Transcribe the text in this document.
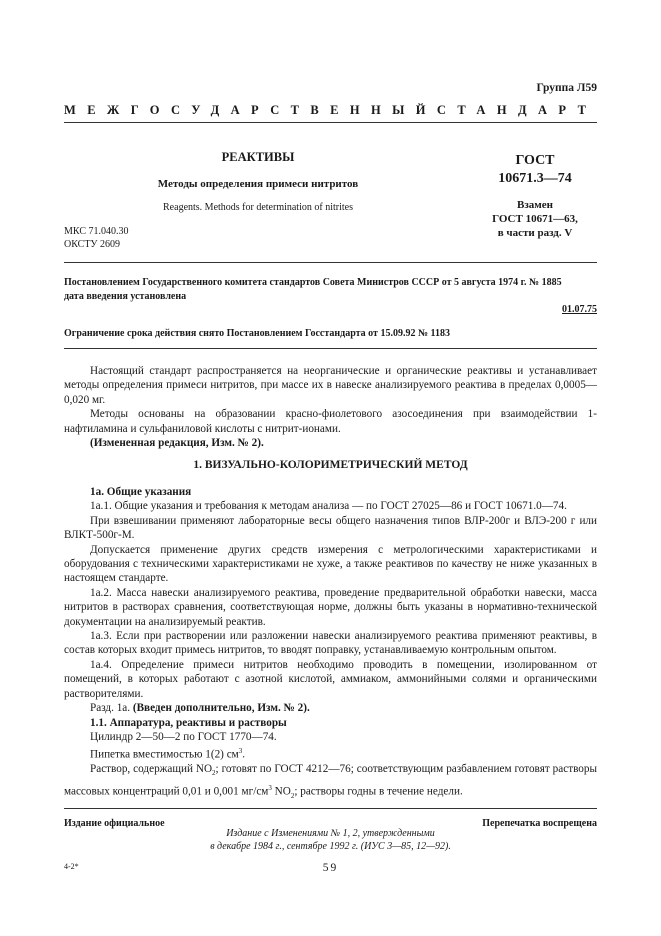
Группа Л59
МЕЖГОСУДАРСТВЕННЫЙ СТАНДАРТ
РЕАКТИВЫ
Методы определения примеси нитритов
Reagents. Methods for determination of nitrites
ГОСТ
10671.3—74
Взамен
ГОСТ 10671—63,
в части разд. V
МКС 71.040.30
ОКСТУ 2609
Постановлением Государственного комитета стандартов Совета Министров СССР от 5 августа 1974 г. № 1885
дата введения установлена
01.07.75
Ограничение срока действия снято Постановлением Госстандарта от 15.09.92 № 1183

Настоящий стандарт распространяется на неорганические и органические реактивы и устанавливает методы определения примеси нитритов, при массе их в навеске анализируемого реактива в пределах 0,0005—0,020 мг.

Методы основаны на образовании красно-фиолетового азосоединения при взаимодействии 1-нафтиламина и сульфаниловой кислоты с нитрит-ионами.

(Измененная редакция, Изм. № 2).

1. ВИЗУАЛЬНО-КОЛОРИМЕТРИЧЕСКИЙ МЕТОД

1а. Общие указания

1а.1. Общие указания и требования к методам анализа — по ГОСТ 27025—86 и ГОСТ 10671.0—74.

При взвешивании применяют лабораторные весы общего назначения типов ВЛР-200г и ВЛЭ-200 г или ВЛКТ-500г-М.

Допускается применение других средств измерения с метрологическими характеристиками и оборудования с техническими характеристиками не хуже, а также реактивов по качеству не ниже указанных в настоящем стандарте.

1а.2. Масса навески анализируемого реактива, проведение предварительной обработки навески, масса нитритов в растворах сравнения, соответствующая норме, должны быть указаны в нормативно-технической документации на анализируемый реактив.

1а.3. Если при растворении или разложении навески анализируемого реактива применяют реактивы, в состав которых входит примесь нитритов, то вводят поправку, устанавливаемую контрольным опытом.

1а.4. Определение примеси нитритов необходимо проводить в помещении, изолированном от помещений, в которых работают с азотной кислотой, аммиаком, аммонийными солями и органическими растворителями.

Разд. 1а. (Введен дополнительно, Изм. № 2).

1.1. Аппаратура, реактивы и растворы

Цилиндр 2—50—2 по ГОСТ 1770—74.

Пипетка вместимостью 1(2) $см^3$.

Раствор, содержащий $NO_2$; готовят по ГОСТ 4212—76; соответствующим разбавлением готовят растворы массовых концентраций 0,01 и 0,001 $мг/см^3$ $NO_2$; растворы годны в течение недели.

Издание официальное	Перепечатка воспрещена
Издание с Изменениями № 1, 2, утвержденными
в декабре 1984 г., сентябре 1992 г. (ИУС 3—85, 12—92).
4-2*	59
